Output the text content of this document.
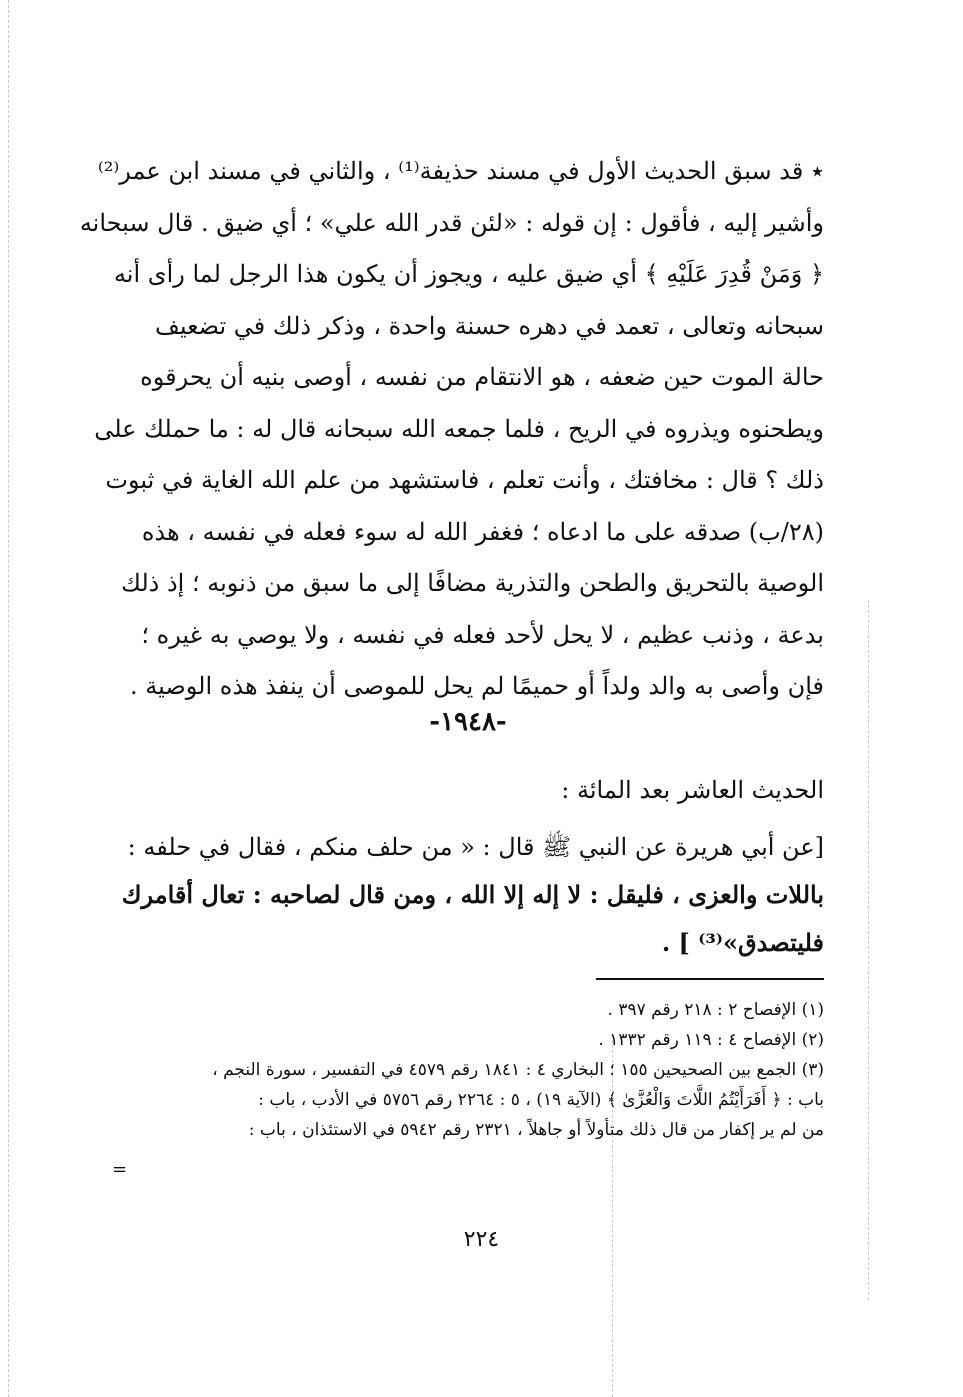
٭ قد سبق الحديث الأول في مسند حذيفة⁽¹⁾ ، والثاني في مسند ابن عمر⁽²⁾
وأشير إليه ، فأقول : إن قوله : «لئن قدر الله علي» ؛ أي ضيق . قال سبحانه
﴿ وَمَنْ قُدِرَ عَلَيْهِ ﴾ أي ضيق عليه ، ويجوز أن يكون هذا الرجل لما رأى أنه
سبحانه وتعالى ، تعمد في دهره حسنة واحدة ، وذكر ذلك في تضعيف
حالة الموت حين ضعفه ، هو الانتقام من نفسه ، أوصى بنيه أن يحرقوه
ويطحنوه ويذروه في الريح ، فلما جمعه الله سبحانه قال له : ما حملك على
ذلك ؟ قال : مخافتك ، وأنت تعلم ، فاستشهد من علم الله الغاية في ثبوت
(٢٨/ب) صدقه على ما ادعاه ؛ فغفر الله له سوء فعله في نفسه ، هذه
الوصية بالتحريق والطحن والتذرية مضافًا إلى ما سبق من ذنوبه ؛ إذ ذلك
بدعة ، وذنب عظيم ، لا يحل لأحد فعله في نفسه ، ولا يوصي به غيره ؛
فإن وأصى به والد ولداً أو حميمًا لم يحل للموصى أن ينفذ هذه الوصية .
-١٩٤٨-
الحديث العاشر بعد المائة :
[عن أبي هريرة عن النبي ﷺ قال : « من حلف منكم ، فقال في حلفه :
باللات والعزى ، فليقل : لا إله إلا الله ، ومن قال لصاحبه : تعال أقامرك
فليتصدق»⁽³⁾ ] .
(١) الإفصاح ٢ : ٢١٨ رقم ٣٩٧ .
(٢) الإفصاح ٤ : ١١٩ رقم ١٣٣٢ .
(٣) الجمع بين الصحيحين ١٥٥ ؛ البخاري ٤ : ١٨٤١ رقم ٤٥٧٩ في التفسير ، سورة النجم ،
باب : ﴿ أَفَرَأَيْتُمُ اللَّاتَ وَالْعُزَّىٰ ﴾ (الآية ١٩) ، ٥ : ٢٢٦٤ رقم ٥٧٥٦ في الأدب ، باب :
من لم ير إكفار من قال ذلك متأولاً أو جاهلاً ، ٢٣٢١ رقم ٥٩٤٢ في الاستئذان ، باب :
=
٢٢٤
